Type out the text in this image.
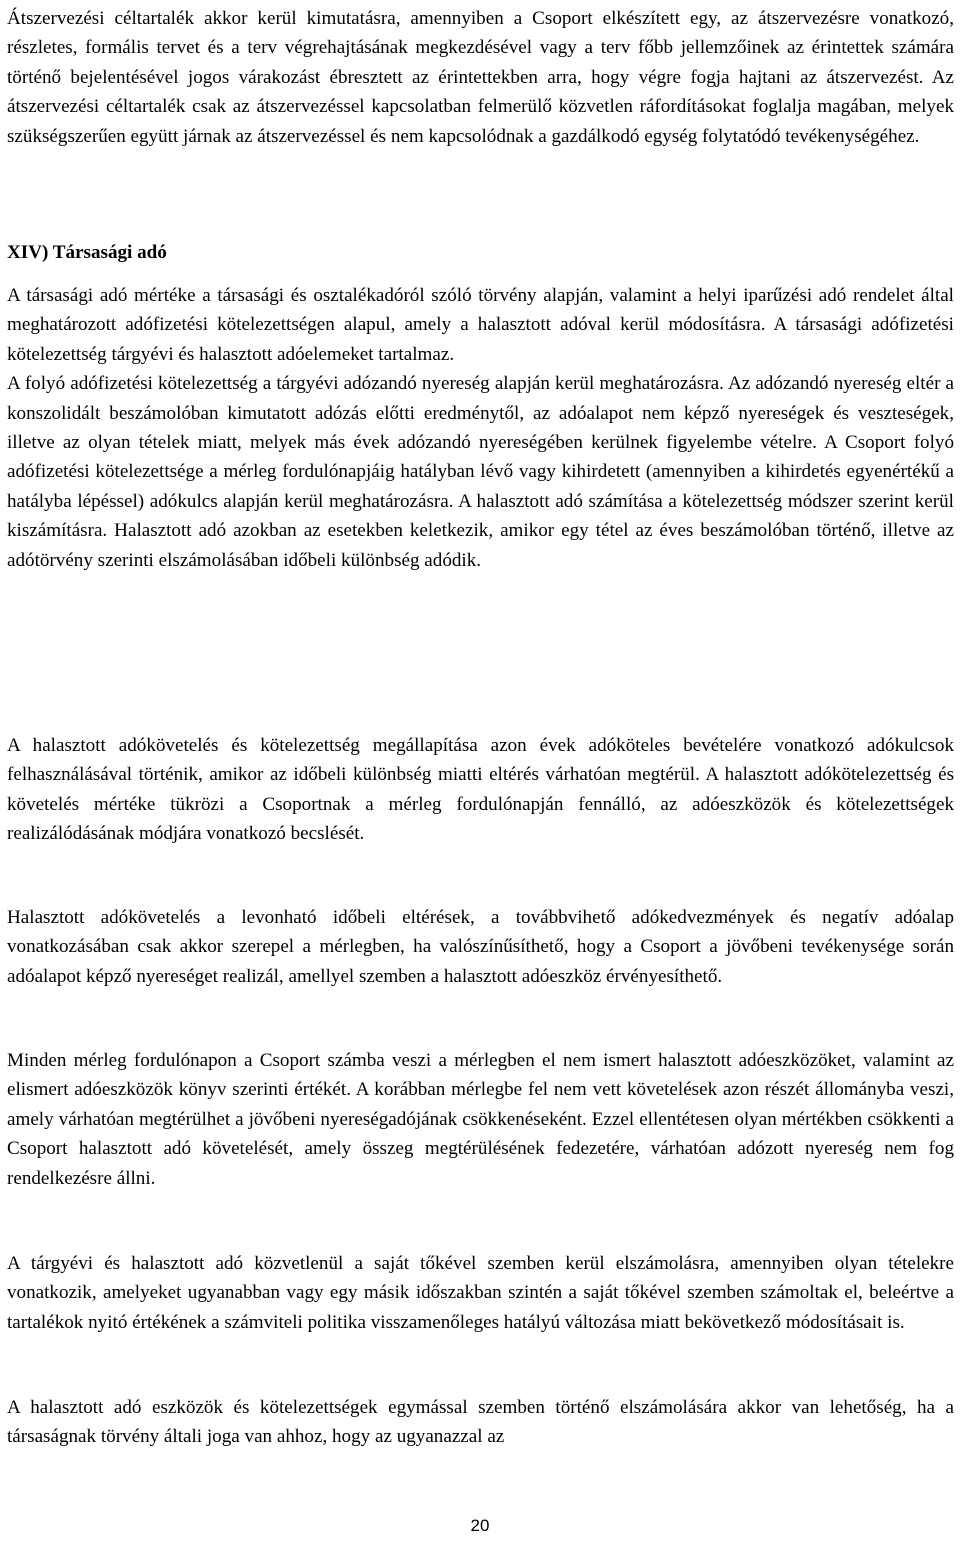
Átszervezési céltartalék akkor kerül kimutatásra, amennyiben a Csoport elkészített egy, az átszervezésre vonatkozó, részletes, formális tervet és a terv végrehajtásának megkezdésével vagy a terv főbb jellemzőinek az érintettek számára történő bejelentésével jogos várakozást ébresztett az érintettekben arra, hogy végre fogja hajtani az átszervezést. Az átszervezési céltartalék csak az átszervezéssel kapcsolatban felmerülő közvetlen ráfordításokat foglalja magában, melyek szükségszerűen együtt járnak az átszervezéssel és nem kapcsolódnak a gazdálkodó egység folytatódó tevékenységéhez.

XIV) Társasági adó

A társasági adó mértéke a társasági és osztalékadóról szóló törvény alapján, valamint a helyi iparűzési adó rendelet által meghatározott adófizetési kötelezettségen alapul, amely a halasztott adóval kerül módosításra. A társasági adófizetési kötelezettség tárgyévi és halasztott adóelemeket tartalmaz.

A folyó adófizetési kötelezettség a tárgyévi adózandó nyereség alapján kerül meghatározásra. Az adózandó nyereség eltér a konszolidált beszámolóban kimutatott adózás előtti eredménytől, az adóalapot nem képző nyereségek és veszteségek, illetve az olyan tételek miatt, melyek más évek adózandó nyereségében kerülnek figyelembe vételre. A Csoport folyó adófizetési kötelezettsége a mérleg fordulónapjáig hatályban lévő vagy kihirdetett (amennyiben a kihirdetés egyenértékű a hatályba lépéssel) adókulcs alapján kerül meghatározásra. A halasztott adó számítása a kötelezettség módszer szerint kerül kiszámításra. Halasztott adó azokban az esetekben keletkezik, amikor egy tétel az éves beszámolóban történő, illetve az adótörvény szerinti elszámolásában időbeli különbség adódik.

A halasztott adókövetelés és kötelezettség megállapítása azon évek adóköteles bevételére vonatkozó adókulcsok felhasználásával történik, amikor az időbeli különbség miatti eltérés várhatóan megtérül. A halasztott adókötelezettség és követelés mértéke tükrözi a Csoportnak a mérleg fordulónapján fennálló, az adóeszközök és kötelezettségek realizálódásának módjára vonatkozó becslését.

Halasztott adókövetelés a levonható időbeli eltérések, a továbbvihető adókedvezmények és negatív adóalap vonatkozásában csak akkor szerepel a mérlegben, ha valószínűsíthető, hogy a Csoport a jövőbeni tevékenysége során adóalapot képző nyereséget realizál, amellyel szemben a halasztott adóeszköz érvényesíthető.

Minden mérleg fordulónapon a Csoport számba veszi a mérlegben el nem ismert halasztott adóeszközöket, valamint az elismert adóeszközök könyv szerinti értékét. A korábban mérlegbe fel nem vett követelések azon részét állományba veszi, amely várhatóan megtérülhet a jövőbeni nyereségadójának csökkenéseként. Ezzel ellentétesen olyan mértékben csökkenti a Csoport halasztott adó követelését, amely összeg megtérülésének fedezetére, várhatóan adózott nyereség nem fog rendelkezésre állni.

A tárgyévi és halasztott adó közvetlenül a saját tőkével szemben kerül elszámolásra, amennyiben olyan tételekre vonatkozik, amelyeket ugyanabban vagy egy másik időszakban szintén a saját tőkével szemben számoltak el, beleértve a tartalékok nyitó értékének a számviteli politika visszamenőleges hatályú változása miatt bekövetkező módosításait is.

A halasztott adó eszközök és kötelezettségek egymással szemben történő elszámolására akkor van lehetőség, ha a társaságnak törvény általi joga van ahhoz, hogy az ugyanazzal az

20
